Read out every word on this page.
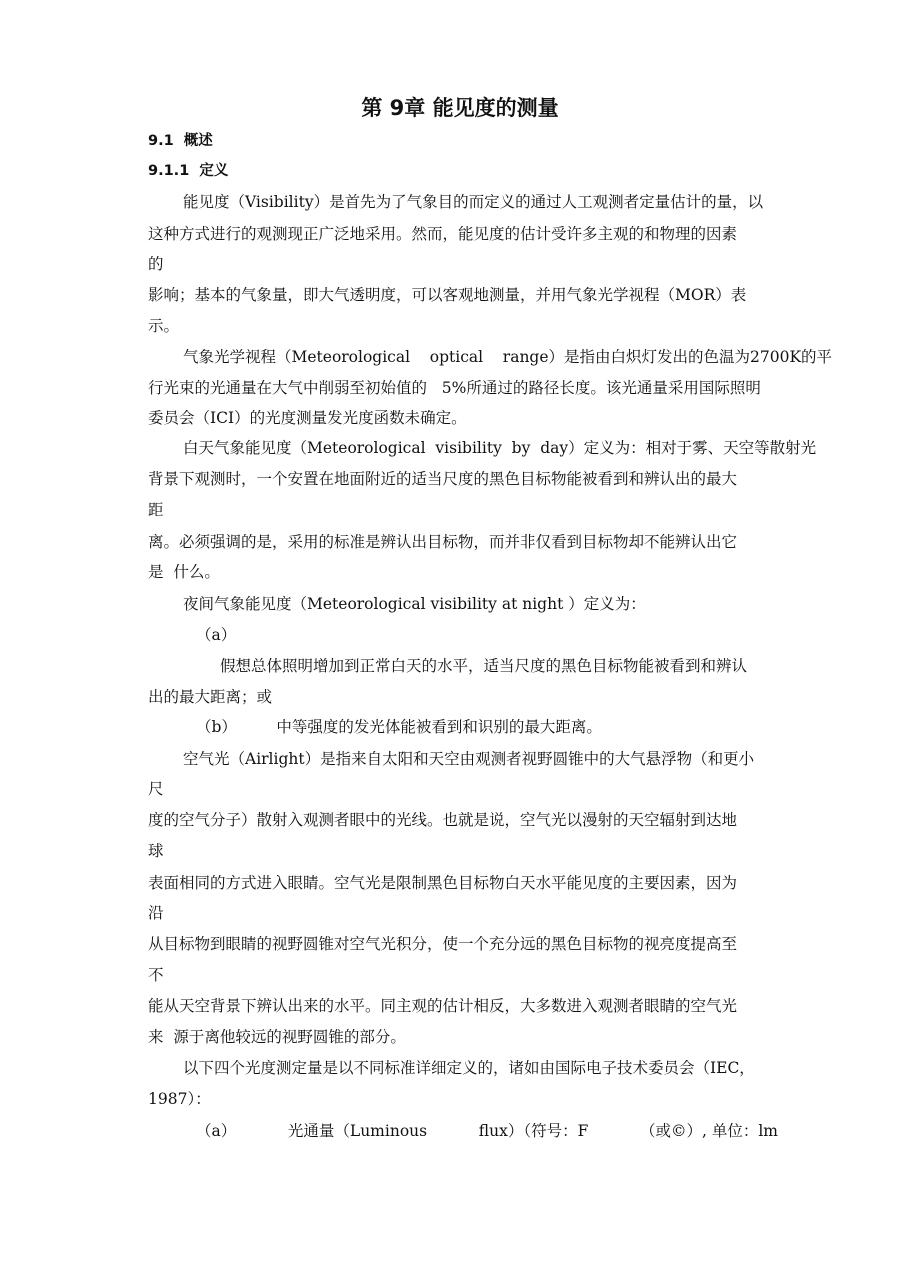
第 9章 能见度的测量
9.1  概述
9.1.1  定义
能见度（Visibility）是首先为了气象目的而定义的通过人工观测者定量估计的量，以
这种方式进行的观测现正广泛地采用。然而，能见度的估计受许多主观的和物理的因素
的
影响；基本的气象量，即大气透明度，可以客观地测量，并用气象光学视程（MOR）表
示。
气象光学视程（Meteorological    optical    range）是指由白炽灯发出的色温为2700K的平
行光束的光通量在大气中削弱至初始值的   5%所通过的路径长度。该光通量采用国际照明
委员会（ICI）的光度测量发光度函数未确定。
白天气象能见度（Meteorological  visibility  by  day）定义为：相对于雾、天空等散射光
背景下观测时，一个安置在地面附近的适当尺度的黑色目标物能被看到和辨认出的最大
距
离。必须强调的是，采用的标准是辨认出目标物，而并非仅看到目标物却不能辨认出它
是  什么。
夜间气象能见度（Meteorological visibility at night ）定义为：
（a）
假想总体照明增加到正常白天的水平，适当尺度的黑色目标物能被看到和辨认
出的最大距离；或
（b）        中等强度的发光体能被看到和识别的最大距离。
空气光（Airlight）是指来自太阳和天空由观测者视野圆锥中的大气悬浮物（和更小
尺
度的空气分子）散射入观测者眼中的光线。也就是说，空气光以漫射的天空辐射到达地
球
表面相同的方式进入眼睛。空气光是限制黑色目标物白天水平能见度的主要因素，因为
沿
从目标物到眼睛的视野圆锥对空气光积分，使一个充分远的黑色目标物的视亮度提高至
不
能从天空背景下辨认出来的水平。同主观的估计相反，大多数进入观测者眼睛的空气光
来  源于离他较远的视野圆锥的部分。
以下四个光度测定量是以不同标准详细定义的，诸如由国际电子技术委员会（IEC，
1987）：
（a）	光通量（Luminous	flux）（符号：F	（或©）, 单位：lm
